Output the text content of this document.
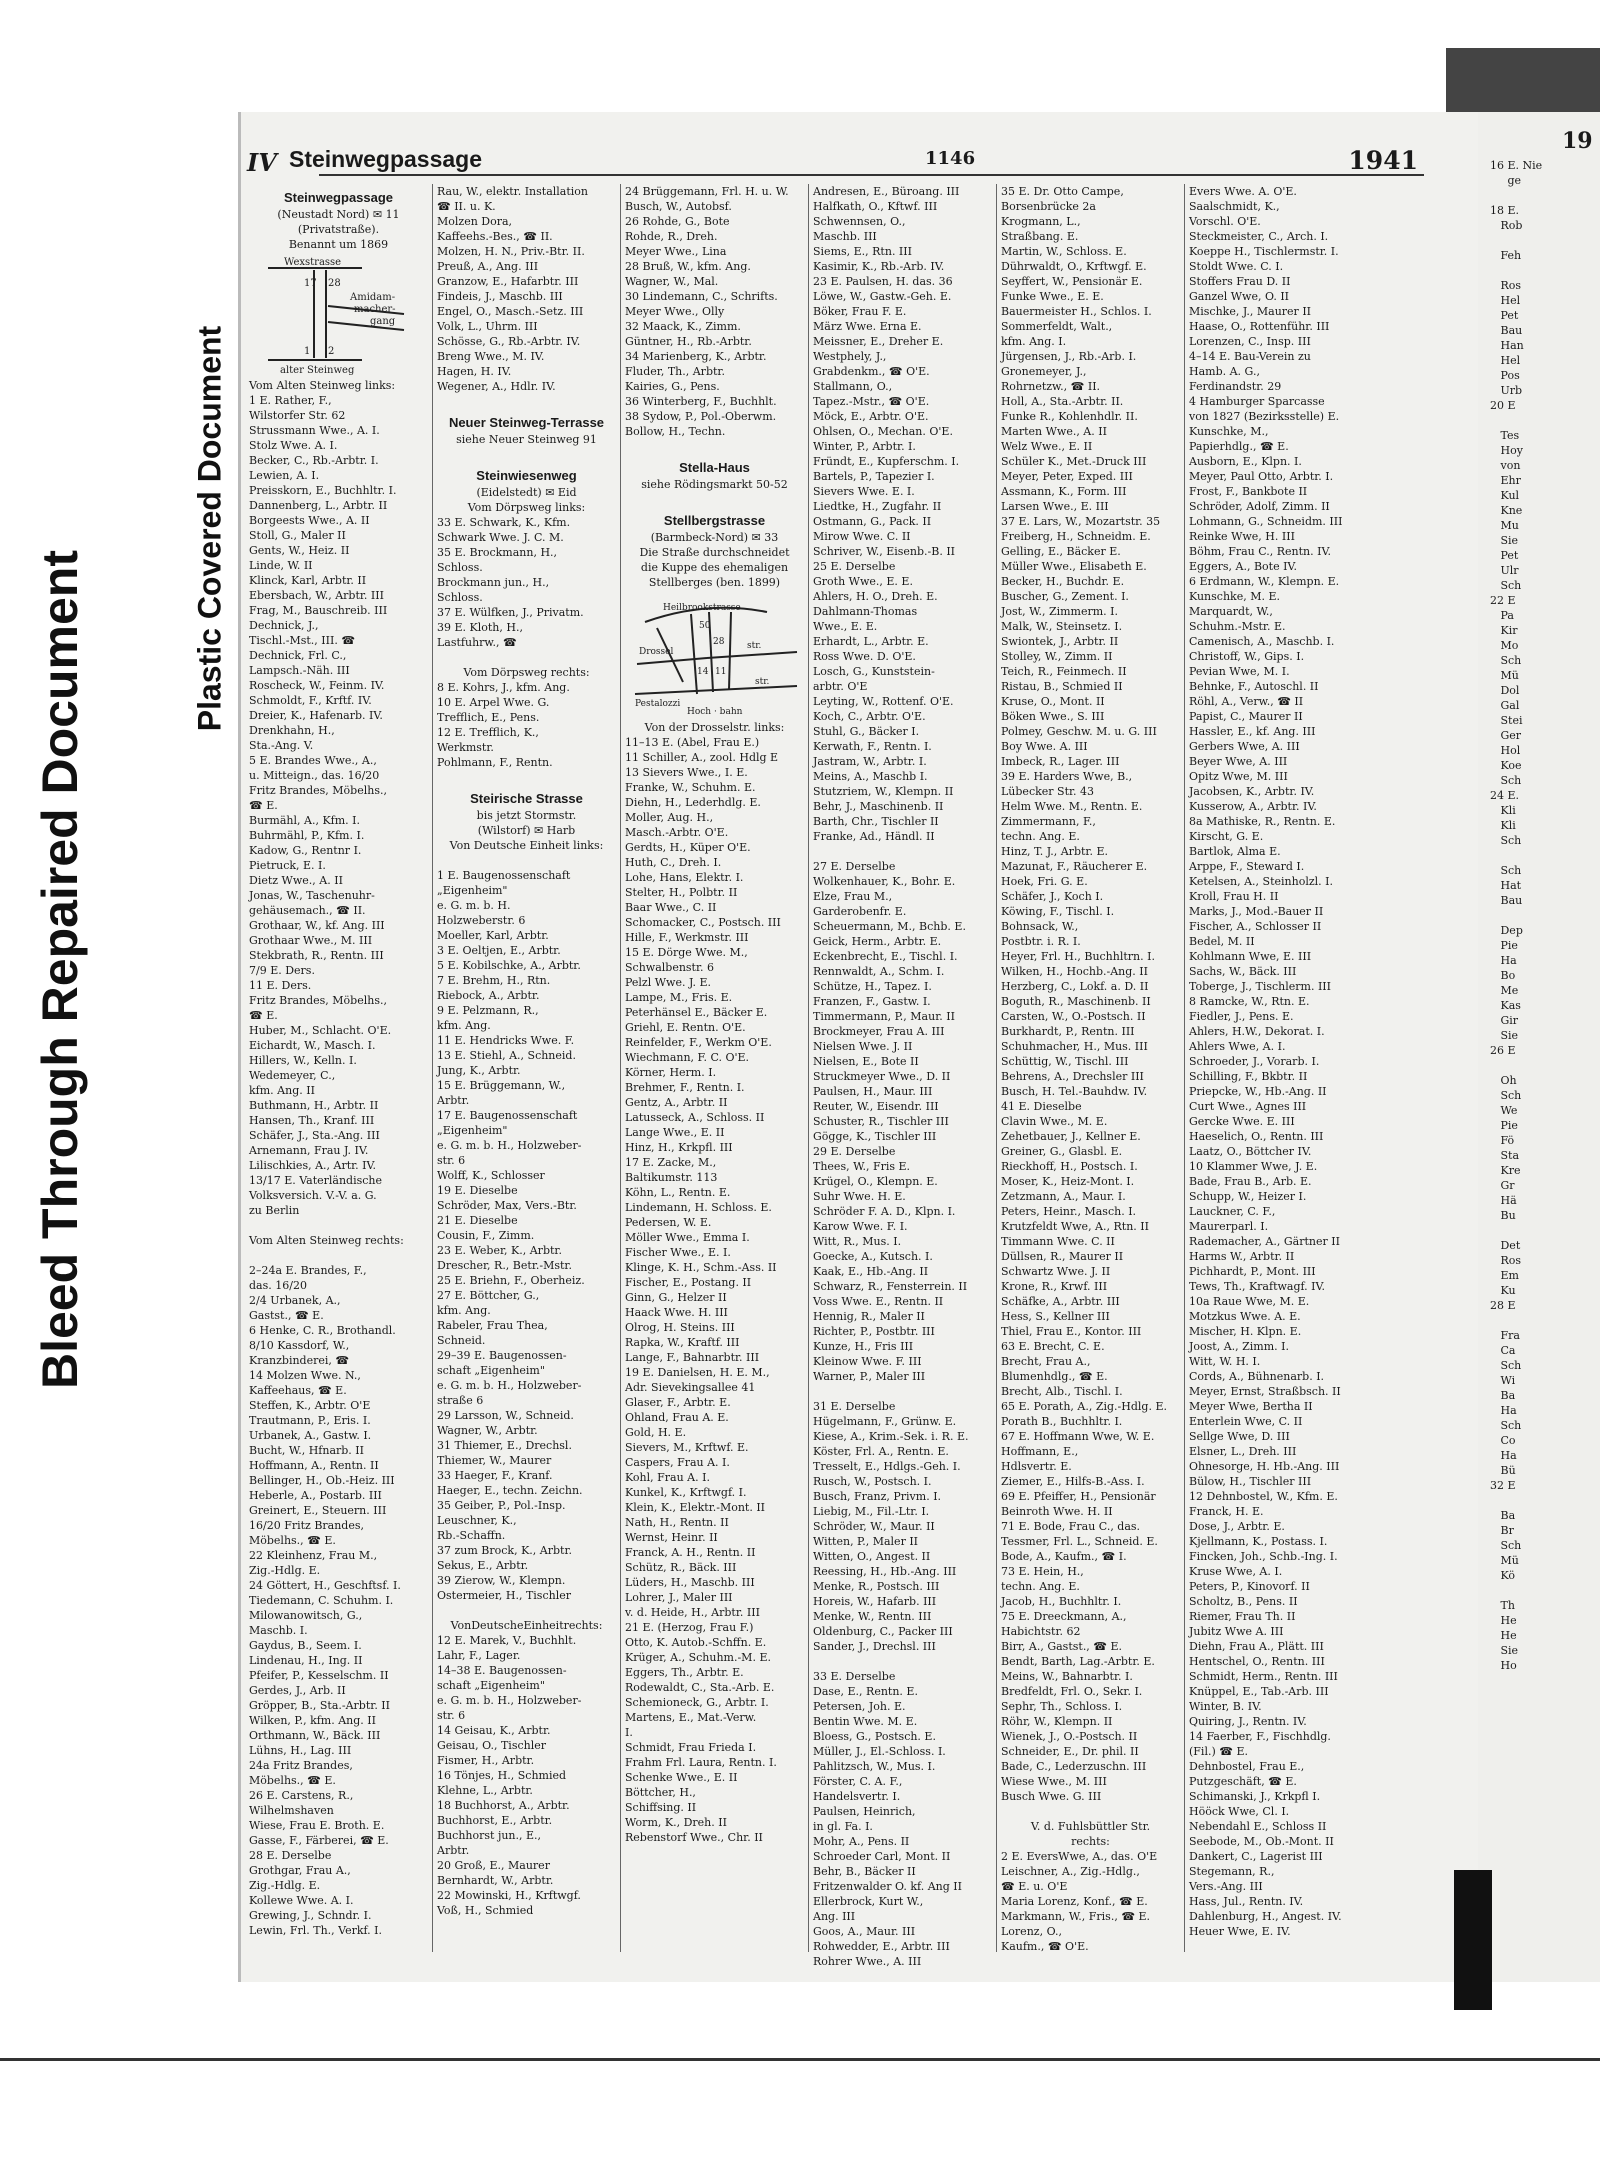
Bleed Through Repaired Document
Plastic Covered Document
19
16 E. Nie
ge

18 E.
Rob

Feh

Ros
Hel
Pet
Bau
Han
Hel
Pos
Urb
20 E

Tes
Hoy
von
Ehr
Kul
Kne
Mu
Sie
Pet
Ulr
Sch
22 E
Pa
Kir
Mo
Sch
Mü
Dol
Gal
Stei
Ger
Hol
Koe
Sch
24 E.
Kli
Kli
Sch

Sch
Hat
Bau

Dep
Pie
Ha
Bo
Me
Kas
Gir
Sie
26 E

Oh
Sch
We
Pie
Fö
Sta
Kre
Gr
Hä
Bu

Det
Ros
Em
Ku
28 E

Fra
Ca
Sch
Wi
Ba
Ha
Sch
Co
Ha
Bü
32 E

Ba
Br
Sch
Mü
Kö

Th
He
He
Sie
Ho
IV Steinwegpassage	1146	1941
Steinwegpassage
(Neustadt Nord) ✉ 11
(Privatstraße).
Benannt um 1869
Wexstrasse
17 28
1 2
Amidam-
macher-
gang
alter Steinweg
Vom Alten Steinweg links:
1 E. Rather, F.,
Wilstorfer Str. 62
Strussmann Wwe., A. I.
Stolz Wwe. A. I.
Becker, C., Rb.-Arbtr. I.
Lewien, A. I.
Preisskorn, E., Buchhltr. I.
Dannenberg, L., Arbtr. II
Borgeests Wwe., A. II
Stoll, G., Maler II
Gents, W., Heiz. II
Linde, W. II
Klinck, Karl, Arbtr. II
Ebersbach, W., Arbtr. III
Frag, M., Bauschreib. III
Dechnick, J.,
Tischl.-Mst., III. ☎
Dechnick, Frl. C.,
Lampsch.-Näh. III
Roscheck, W., Feinm. IV.
Schmoldt, F., Krftf. IV.
Dreier, K., Hafenarb. IV.
Drenkhahn, H.,
Sta.-Ang. V.
5 E. Brandes Wwe., A.,
u. Mitteign., das. 16/20
Fritz Brandes, Möbelhs.,
☎ E.
Burmähl, A., Kfm. I.
Buhrmähl, P., Kfm. I.
Kadow, G., Rentnr I.
Pietruck, E. I.
Dietz Wwe., A. II
Jonas, W., Taschenuhr-
gehäusemach., ☎ II.
Grothaar, W., kf. Ang. III
Grothaar Wwe., M. III
Stekbrath, R., Rentn. III
7/9 E. Ders.
11 E. Ders.
Fritz Brandes, Möbelhs.,
☎ E.
Huber, M., Schlacht. O'E.
Eichardt, W., Masch. I.
Hillers, W., Kelln. I.
Wedemeyer, C.,
kfm. Ang. II
Buthmann, H., Arbtr. II
Hansen, Th., Kranf. III
Schäfer, J., Sta.-Ang. III
Arnemann, Frau J. IV.
Lilischkies, A., Artr. IV.
13/17 E. Vaterländische
Volksversich. V.-V. a. G.
zu Berlin

Vom Alten Steinweg rechts:

2–24a E. Brandes, F.,
das. 16/20
2/4 Urbanek, A.,
Gastst., ☎ E.
6 Henke, C. R., Brothandl.
8/10 Kassdorf, W.,
Kranzbinderei, ☎
14 Molzen Wwe. N.,
Kaffeehaus, ☎ E.
Steffen, K., Arbtr. O'E
Trautmann, P., Eris. I.
Urbanek, A., Gastw. I.
Bucht, W., Hfnarb. II
Hoffmann, A., Rentn. II
Bellinger, H., Ob.-Heiz. III
Heberle, A., Postarb. III
Greinert, E., Steuern. III
16/20 Fritz Brandes,
Möbelhs., ☎ E.
22 Kleinhenz, Frau M.,
Zig.-Hdlg. E.
24 Göttert, H., Geschftsf. I.
Tiedemann, C. Schuhm. I.
Milowanowitsch, G.,
Maschb. I.
Gaydus, B., Seem. I.
Lindenau, H., Ing. II
Pfeifer, P., Kesselschm. II
Gerdes, J., Arb. II
Gröpper, B., Sta.-Arbtr. II
Wilken, P., kfm. Ang. II
Orthmann, W., Bäck. III
Lühns, H., Lag. III
24a Fritz Brandes,
Möbelhs., ☎ E.
26 E. Carstens, R.,
Wilhelmshaven
Wiese, Frau E. Broth. E.
Gasse, F., Färberei, ☎ E.
28 E. Derselbe
Grothgar, Frau A.,
Zig.-Hdlg. E.
Kollewe Wwe. A. I.
Grewing, J., Schndr. I.
Lewin, Frl. Th., Verkf. I.
Rau, W., elektr. Installation
☎ II. u. K.
Molzen Dora,
Kaffeehs.-Bes., ☎ II.
Molzen, H. N., Priv.-Btr. II.
Preuß, A., Ang. III
Granzow, E., Hafarbtr. III
Findeis, J., Maschb. III
Engel, O., Masch.-Setz. III
Volk, L., Uhrm. III
Schösse, G., Rb.-Arbtr. IV.
Breng Wwe., M. IV.
Hagen, H. IV.
Wegener, A., Hdlr. IV.

Neuer Steinweg-Terrasse
siehe Neuer Steinweg 91

Steinwiesenweg
(Eidelstedt) ✉ Eid
Vom Dörpsweg links:
33 E. Schwark, K., Kfm.
Schwark Wwe. J. C. M.
35 E. Brockmann, H.,
Schloss.
Brockmann jun., H.,
Schloss.
37 E. Wülfken, J., Privatm.
39 E. Kloth, H.,
Lastfuhrw., ☎

Vom Dörpsweg rechts:
8 E. Kohrs, J., kfm. Ang.
10 E. Arpel Wwe. G.
Trefflich, E., Pens.
12 E. Trefflich, K.,
Werkmstr.
Pohlmann, F., Rentn.

Steirische Strasse
bis jetzt Stormstr.
(Wilstorf) ✉ Harb
Von Deutsche Einheit links:

1 E. Baugenossenschaft
„Eigenheim"
e. G. m. b. H.
Holzweberstr. 6
Moeller, Karl, Arbtr.
3 E. Oeltjen, E., Arbtr.
5 E. Kobilschke, A., Arbtr.
7 E. Brehm, H., Rtn.
Riebock, A., Arbtr.
9 E. Pelzmann, R.,
kfm. Ang.
11 E. Hendricks Wwe. F.
13 E. Stiehl, A., Schneid.
Jung, K., Arbtr.
15 E. Brüggemann, W.,
Arbtr.
17 E. Baugenossenschaft
„Eigenheim"
e. G. m. b. H., Holzweber-
str. 6
Wolff, K., Schlosser
19 E. Dieselbe
Schröder, Max, Vers.-Btr.
21 E. Dieselbe
Cousin, F., Zimm.
23 E. Weber, K., Arbtr.
Drescher, R., Betr.-Mstr.
25 E. Briehn, F., Oberheiz.
27 E. Böttcher, G.,
kfm. Ang.
Rabeler, Frau Thea,
Schneid.
29–39 E. Baugenossen-
schaft „Eigenheim"
e. G. m. b. H., Holzweber-
straße 6
29 Larsson, W., Schneid.
Wagner, W., Arbtr.
31 Thiemer, E., Drechsl.
Thiemer, W., Maurer
33 Haeger, F., Kranf.
Haeger, E., techn. Zeichn.
35 Geiber, P., Pol.-Insp.
Leuschner, K.,
Rb.-Schaffn.
37 zum Brock, K., Arbtr.
Sekus, E., Arbtr.
39 Zierow, W., Klempn.
Ostermeier, H., Tischler

VonDeutscheEinheitrechts:
12 E. Marek, V., Buchhlt.
Lahr, F., Lager.
14–38 E. Baugenossen-
schaft „Eigenheim"
e. G. m. b. H., Holzweber-
str. 6
14 Geisau, K., Arbtr.
Geisau, O., Tischler
Fismer, H., Arbtr.
16 Tönjes, H., Schmied
Klehne, L., Arbtr.
18 Buchhorst, A., Arbtr.
Buchhorst, E., Arbtr.
Buchhorst jun., E.,
Arbtr.
20 Groß, E., Maurer
Bernhardt, W., Arbtr.
22 Mowinski, H., Krftwgf.
Voß, H., Schmied
24 Brüggemann, Frl. H. u. W.
Busch, W., Autobsf.
26 Rohde, G., Bote
Rohde, R., Dreh.
Meyer Wwe., Lina
28 Bruß, W., kfm. Ang.
Wagner, W., Mal.
30 Lindemann, C., Schrifts.
Meyer Wwe., Olly
32 Maack, K., Zimm.
Güntner, H., Rb.-Arbtr.
34 Marienberg, K., Arbtr.
Fluder, Th., Arbtr.
Kairies, G., Pens.
36 Winterberg, F., Buchhlt.
38 Sydow, P., Pol.-Oberwm.
Bollow, H., Techn.

Stella-Haus
siehe Rödingsmarkt 50-52

Stellbergstrasse
(Barmbeck-Nord) ✉ 33
Die Straße durchschneidet
die Kuppe des ehemaligen
Stellberges (ben. 1899)
Heilbrookstrasse
Drossel
Pestalozzi
str.
str.
50
28
14 11
Hoch · bahn
Von der Drosselstr. links:
11–13 E. (Abel, Frau E.)
11 Schiller, A., zool. Hdlg E
13 Sievers Wwe., I. E.
Franke, W., Schuhm. E.
Diehn, H., Lederhdlg. E.
Moller, Aug. H.,
Masch.-Arbtr. O'E.
Gerdts, H., Küper O'E.
Huth, C., Dreh. I.
Lohe, Hans, Elektr. I.
Stelter, H., Polbtr. II
Baar Wwe., C. II
Schomacker, C., Postsch. III
Hille, F., Werkmstr. III
15 E. Dörge Wwe. M.,
Schwalbenstr. 6
Pelzl Wwe. J. E.
Lampe, M., Fris. E.
Peterhänsel E., Bäcker E.
Griehl, E. Rentn. O'E.
Reinfelder, F., Werkm O'E.
Wiechmann, F. C. O'E.
Körner, Herm. I.
Brehmer, F., Rentn. I.
Gentz, A., Arbtr. II
Latusseck, A., Schloss. II
Lange Wwe., E. II
Hinz, H., Krkpfl. III
17 E. Zacke, M.,
Baltikumstr. 113
Köhn, L., Rentn. E.
Lindemann, H. Schloss. E.
Pedersen, W. E.
Möller Wwe., Emma I.
Fischer Wwe., E. I.
Klinge, K. H., Schm.-Ass. II
Fischer, E., Postang. II
Ginn, G., Helzer II
Haack Wwe. H. III
Olrog, H. Steins. III
Rapka, W., Kraftf. III
Lange, F., Bahnarbtr. III
19 E. Danielsen, H. E. M.,
Adr. Sievekingsallee 41
Glaser, F., Arbtr. E.
Ohland, Frau A. E.
Gold, H. E.
Sievers, M., Krftwf. E.
Caspers, Frau A. I.
Kohl, Frau A. I.
Kunkel, K., Krftwgf. I.
Klein, K., Elektr.-Mont. II
Nath, H., Rentn. II
Wernst, Heinr. II
Franck, A. H., Rentn. II
Schütz, R., Bäck. III
Lüders, H., Maschb. III
Lohrer, J., Maler III
v. d. Heide, H., Arbtr. III
21 E. (Herzog, Frau F.)
Otto, K. Autob.-Schffn. E.
Krüger, A., Schuhm.-M. E.
Eggers, Th., Arbtr. E.
Rodewaldt, C., Sta.-Arb. E.
Schemioneck, G., Arbtr. I.
Martens, E., Mat.-Verw.
I.
Schmidt, Frau Frieda I.
Frahm Frl. Laura, Rentn. I.
Schenke Wwe., E. II
Böttcher, H.,
Schiffsing. II
Worm, K., Dreh. II
Rebenstorf Wwe., Chr. II
Andresen, E., Büroang. III
Halfkath, O., Kftwf. III
Schwennsen, O.,
Maschb. III
Siems, E., Rtn. III
Kasimir, K., Rb.-Arb. IV.
23 E. Paulsen, H. das. 36
Löwe, W., Gastw.-Geh. E.
Böker, Frau F. E.
März Wwe. Erna E.
Meissner, E., Dreher E.
Westphely, J.,
Grabdenkm., ☎ O'E.
Stallmann, O.,
Tapez.-Mstr., ☎ O'E.
Möck, E., Arbtr. O'E.
Ohlsen, O., Mechan. O'E.
Winter, P., Arbtr. I.
Fründt, E., Kupferschm. I.
Bartels, P., Tapezier I.
Sievers Wwe. E. I.
Liedtke, H., Zugfahr. II
Ostmann, G., Pack. II
Mirow Wwe. C. II
Schriver, W., Eisenb.-B. II
25 E. Derselbe
Groth Wwe., E. E.
Ahlers, H. O., Dreh. E.
Dahlmann-Thomas
Wwe., E. E.
Erhardt, L., Arbtr. E.
Ross Wwe. D. O'E.
Losch, G., Kunststein-
arbtr. O'E
Leyting, W., Rottenf. O'E.
Koch, C., Arbtr. O'E.
Stuhl, G., Bäcker I.
Kerwath, F., Rentn. I.
Jastram, W., Arbtr. I.
Meins, A., Maschb I.
Stutzriem, W., Klempn. II
Behr, J., Maschinenb. II
Barth, Chr., Tischler II
Franke, Ad., Händl. II

27 E. Derselbe
Wolkenhauer, K., Bohr. E.
Elze, Frau M.,
Garderobenfr. E.
Scheuermann, M., Bchb. E.
Geick, Herm., Arbtr. E.
Eckenbrecht, E., Tischl. I.
Rennwaldt, A., Schm. I.
Schütze, H., Tapez. I.
Franzen, F., Gastw. I.
Timmermann, P., Maur. II
Brockmeyer, Frau A. III
Nielsen Wwe. J. II
Nielsen, E., Bote II
Struckmeyer Wwe., D. II
Paulsen, H., Maur. III
Reuter, W., Eisendr. III
Schuster, R., Tischler III
Gögge, K., Tischler III
29 E. Derselbe
Thees, W., Fris E.
Krügel, O., Klempn. E.
Suhr Wwe. H. E.
Schröder F. A. D., Klpn. I.
Karow Wwe. F. I.
Witt, R., Mus. I.
Goecke, A., Kutsch. I.
Kaak, E., Hb.-Ang. II
Schwarz, R., Fensterrein. II
Voss Wwe. E., Rentn. II
Hennig, R., Maler II
Richter, P., Postbtr. III
Kunze, H., Fris III
Kleinow Wwe. F. III
Warner, P., Maler III

31 E. Derselbe
Hügelmann, F., Grünw. E.
Kiese, A., Krim.-Sek. i. R. E.
Köster, Frl. A., Rentn. E.
Tresselt, E., Hdlgs.-Geh. I.
Rusch, W., Postsch. I.
Busch, Franz, Privm. I.
Liebig, M., Fil.-Ltr. I.
Schröder, W., Maur. II
Witten, P., Maler II
Witten, O., Angest. II
Reessing, H., Hb.-Ang. III
Menke, R., Postsch. III
Horeis, W., Hafarb. III
Menke, W., Rentn. III
Oldenburg, C., Packer III
Sander, J., Drechsl. III

33 E. Derselbe
Dase, E., Rentn. E.
Petersen, Joh. E.
Bentin Wwe. M. E.
Bloess, G., Postsch. E.
Müller, J., El.-Schloss. I.
Pahlitzsch, W., Mus. I.
Förster, C. A. F.,
Handelsvertr. I.
Paulsen, Heinrich,
in gl. Fa. I.
Mohr, A., Pens. II
Schroeder Carl, Mont. II
Behr, B., Bäcker II
Fritzenwalder O. kf. Ang II
Ellerbrock, Kurt W.,
Ang. III
Goos, A., Maur. III
Rohwedder, E., Arbtr. III
Rohrer Wwe., A. III
35 E. Dr. Otto Campe,
Borsenbrücke 2a
Krogmann, L.,
Straßbang. E.
Martin, W., Schloss. E.
Dührwaldt, O., Krftwgf. E.
Seyffert, W., Pensionär E.
Funke Wwe., E. E.
Bauermeister H., Schlos. I.
Sommerfeldt, Walt.,
kfm. Ang. I.
Jürgensen, J., Rb.-Arb. I.
Gronemeyer, J.,
Rohrnetzw., ☎ II.
Holl, A., Sta.-Arbtr. II.
Funke R., Kohlenhdlr. II.
Marten Wwe., A. II
Welz Wwe., E. II
Schüler K., Met.-Druck III
Meyer, Peter, Exped. III
Assmann, K., Form. III
Larsen Wwe., E. III
37 E. Lars, W., Mozartstr. 35
Freiberg, H., Schneidm. E.
Gelling, E., Bäcker E.
Müller Wwe., Elisabeth E.
Becker, H., Buchdr. E.
Buscher, G., Zement. I.
Jost, W., Zimmerm. I.
Malk, W., Steinsetz. I.
Swiontek, J., Arbtr. II
Stolley, W., Zimm. II
Teich, R., Feinmech. II
Ristau, B., Schmied II
Kruse, O., Mont. II
Böken Wwe., S. III
Polmey, Geschw. M. u. G. III
Boy Wwe. A. III
Imbeck, R., Lager. III
39 E. Harders Wwe, B.,
Lübecker Str. 43
Helm Wwe. M., Rentn. E.
Zimmermann, F.,
techn. Ang. E.
Hinz, T. J., Arbtr. E.
Mazunat, F., Räucherer E.
Hoek, Fri. G. E.
Schäfer, J., Koch I.
Köwing, F., Tischl. I.
Bohnsack, W.,
Postbtr. i. R. I.
Heyer, Frl. H., Buchhltrn. I.
Wilken, H., Hochb.-Ang. II
Herzberg, C., Lokf. a. D. II
Boguth, R., Maschinenb. II
Carsten, W., O.-Postsch. II
Burkhardt, P., Rentn. III
Schuhmacher, H., Mus. III
Schüttig, W., Tischl. III
Behrens, A., Drechsler III
Busch, H. Tel.-Bauhdw. IV.
41 E. Dieselbe
Clavin Wwe., M. E.
Zehetbauer, J., Kellner E.
Greiner, G., Glasbl. E.
Rieckhoff, H., Postsch. I.
Moser, K., Heiz-Mont. I.
Zetzmann, A., Maur. I.
Peters, Heinr., Masch. I.
Krutzfeldt Wwe, A., Rtn. II
Timmann Wwe. C. II
Düllsen, R., Maurer II
Schwartz Wwe. J. II
Krone, R., Krwf. III
Schäfke, A., Arbtr. III
Hess, S., Kellner III
Thiel, Frau E., Kontor. III
63 E. Brecht, C. E.
Brecht, Frau A.,
Blumenhdlg., ☎ E.
Brecht, Alb., Tischl. I.
65 E. Porath, A., Zig.-Hdlg. E.
Porath B., Buchhltr. I.
67 E. Hoffmann Wwe, W. E.
Hoffmann, E.,
Hdlsvertr. E.
Ziemer, E., Hilfs-B.-Ass. I.
69 E. Pfeiffer, H., Pensionär
Beinroth Wwe. H. II
71 E. Bode, Frau C., das.
Tessmer, Frl. L., Schneid. E.
Bode, A., Kaufm., ☎ I.
73 E. Hein, H.,
techn. Ang. E.
Jacob, H., Buchhltr. I.
75 E. Dreeckmann, A.,
Habichtstr. 62
Birr, A., Gastst., ☎ E.
Bendt, Barth, Lag.-Arbtr. E.
Meins, W., Bahnarbtr. I.
Bredfeldt, Frl. O., Sekr. I.
Sephr, Th., Schloss. I.
Röhr, W., Klempn. II
Wienek, J., O.-Postsch. II
Schneider, E., Dr. phil. II
Bade, C., Lederzuschn. III
Wiese Wwe., M. III
Busch Wwe. G. III

V. d. Fuhlsbüttler Str.
rechts:
2 E. EversWwe, A., das. O'E
Leischner, A., Zig.-Hdlg.,
☎ E. u. O'E
Maria Lorenz, Konf., ☎ E.
Markmann, W., Fris., ☎ E.
Lorenz, O.,
Kaufm., ☎ O'E.
Evers Wwe. A. O'E.
Saalschmidt, K.,
Vorschl. O'E.
Steckmeister, C., Arch. I.
Koeppe H., Tischlermstr. I.
Stoldt Wwe. C. I.
Stoffers Frau D. II
Ganzel Wwe, O. II
Mischke, J., Maurer II
Haase, O., Rottenführ. III
Lorenzen, C., Insp. III
4–14 E. Bau-Verein zu
Hamb. A. G.,
Ferdinandstr. 29
4 Hamburger Sparcasse
von 1827 (Bezirksstelle) E.
Kunschke, M.,
Papierhdlg., ☎ E.
Ausborn, E., Klpn. I.
Meyer, Paul Otto, Arbtr. I.
Frost, F., Bankbote II
Schröder, Adolf, Zimm. II
Lohmann, G., Schneidm. III
Reinke Wwe, H. III
Böhm, Frau C., Rentn. IV.
Eggers, A., Bote IV.
6 Erdmann, W., Klempn. E.
Kunschke, M. E.
Marquardt, W.,
Schuhm.-Mstr. E.
Camenisch, A., Maschb. I.
Christoff, W., Gips. I.
Pevian Wwe, M. I.
Behnke, F., Autoschl. II
Röhl, A., Verw., ☎ II
Papist, C., Maurer II
Hassler, E., kf. Ang. III
Gerbers Wwe, A. III
Beyer Wwe, A. III
Opitz Wwe, M. III
Jacobsen, K., Arbtr. IV.
Kusserow, A., Arbtr. IV.
8a Mathiske, R., Rentn. E.
Kirscht, G. E.
Bartlok, Alma E.
Arppe, F., Steward I.
Ketelsen, A., Steinholzl. I.
Kroll, Frau H. II
Marks, J., Mod.-Bauer II
Fischer, A., Schlosser II
Bedel, M. II
Kohlmann Wwe, E. III
Sachs, W., Bäck. III
Toberge, J., Tischlerm. III
8 Ramcke, W., Rtn. E.
Fiedler, J., Pens. E.
Ahlers, H.W., Dekorat. I.
Ahlers Wwe, A. I.
Schroeder, J., Vorarb. I.
Schilling, F., Bkbtr. II
Priepcke, W., Hb.-Ang. II
Curt Wwe., Agnes III
Gercke Wwe. E. III
Haeselich, O., Rentn. III
Laatz, O., Böttcher IV.
10 Klammer Wwe, J. E.
Bade, Frau B., Arb. E.
Schupp, W., Heizer I.
Lauckner, C. F.,
Maurerparl. I.
Rademacher, A., Gärtner II
Harms W., Arbtr. II
Pichhardt, P., Mont. III
Tews, Th., Kraftwagf. IV.
10a Raue Wwe, M. E.
Motzkus Wwe. A. E.
Mischer, H. Klpn. E.
Joost, A., Zimm. I.
Witt, W. H. I.
Cords, A., Bühnenarb. I.
Meyer, Ernst, Straßbsch. II
Meyer Wwe, Bertha II
Enterlein Wwe, C. II
Sellge Wwe, D. III
Elsner, L., Dreh. III
Ohnesorge, H. Hb.-Ang. III
Bülow, H., Tischler III
12 Dehnbostel, W., Kfm. E.
Franck, H. E.
Dose, J., Arbtr. E.
Kjellmann, K., Postass. I.
Fincken, Joh., Schb.-Ing. I.
Kruse Wwe, A. I.
Peters, P., Kinovorf. II
Scholtz, B., Pens. II
Riemer, Frau Th. II
Jubitz Wwe A. III
Diehn, Frau A., Plätt. III
Hentschel, O., Rentn. III
Schmidt, Herm., Rentn. III
Knüppel, E., Tab.-Arb. III
Winter, B. IV.
Quiring, J., Rentn. IV.
14 Faerber, F., Fischhdlg.
(Fil.) ☎ E.
Dehnbostel, Frau E.,
Putzgeschäft, ☎ E.
Schimanski, J., Krkpfl I.
Hööck Wwe, Cl. I.
Nebendahl E., Schloss II
Seebode, M., Ob.-Mont. II
Dankert, C., Lagerist III
Stegemann, R.,
Vers.-Ang. III
Hass, Jul., Rentn. IV.
Dahlenburg, H., Angest. IV.
Heuer Wwe, E. IV.
